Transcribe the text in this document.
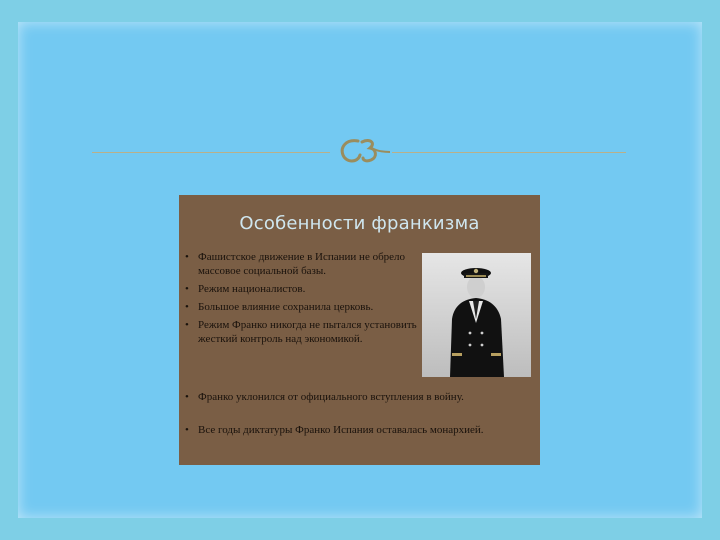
Особенности франкизма
• Фашистское движение в Испании не обрело массовое социальной базы.
• Режим националистов.
• Большое влияние сохранила церковь.
• Режим Франко никогда не пытался установить жесткий контроль над экономикой.

• Франко уклонился от официального вступления в войну.

• Все годы диктатуры Франко Испания оставалась монархией.
